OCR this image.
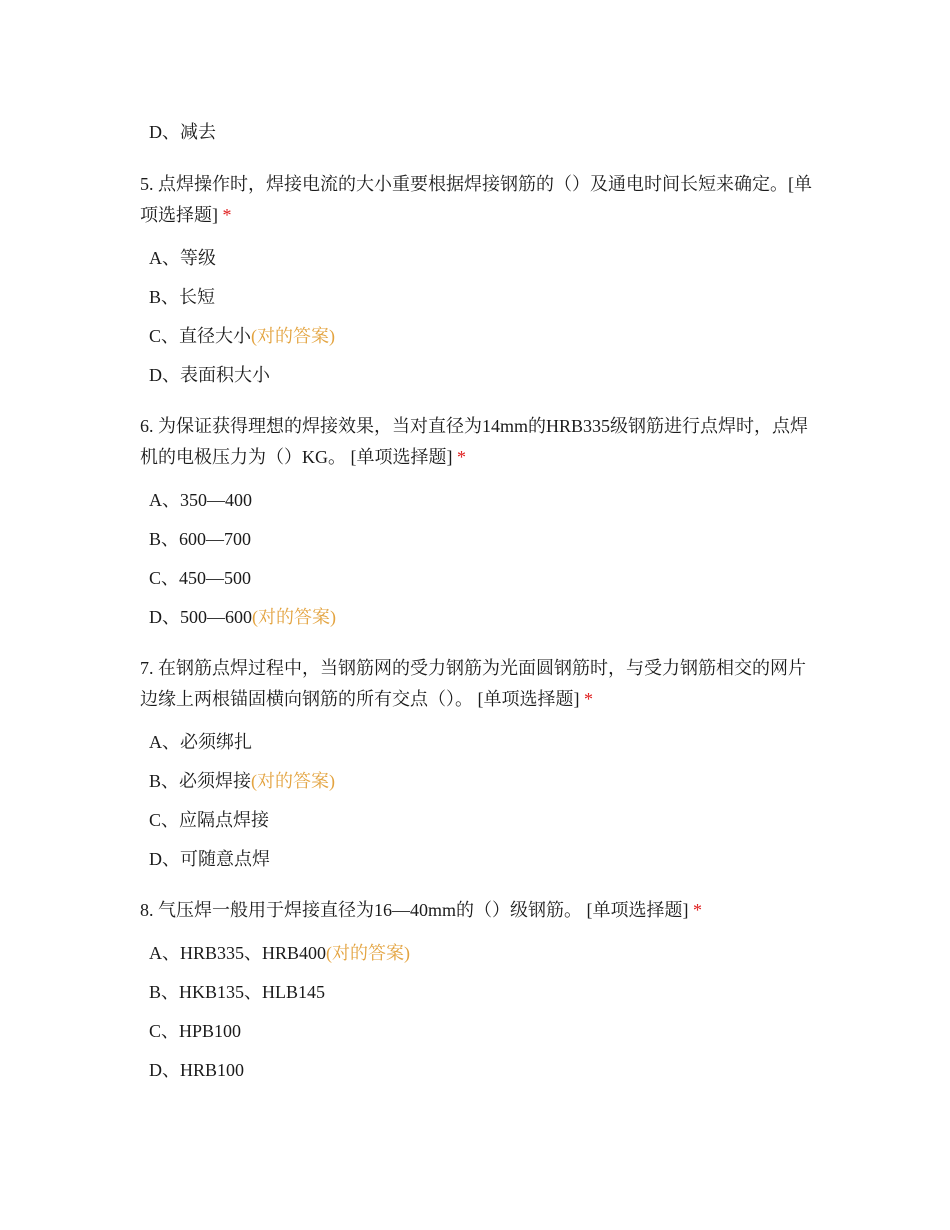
D、减去
5. 点焊操作时，焊接电流的大小重要根据焊接钢筋的（）及通电时间长短来确定。[单项选择题] *
A、等级
B、长短
C、直径大小(对的答案)
D、表面积大小
6. 为保证获得理想的焊接效果，当对直径为14mm的HRB335级钢筋进行点焊时，点焊机的电极压力为（）KG。 [单项选择题] *
A、350—400
B、600—700
C、450—500
D、500—600(对的答案)
7. 在钢筋点焊过程中，当钢筋网的受力钢筋为光面圆钢筋时，与受力钢筋相交的网片边缘上两根锚固横向钢筋的所有交点（）。 [单项选择题] *
A、必须绑扎
B、必须焊接(对的答案)
C、应隔点焊接
D、可随意点焊
8. 气压焊一般用于焊接直径为16—40mm的（）级钢筋。 [单项选择题] *
A、HRB335、HRB400(对的答案)
B、HKB135、HLB145
C、HPB100
D、HRB100
